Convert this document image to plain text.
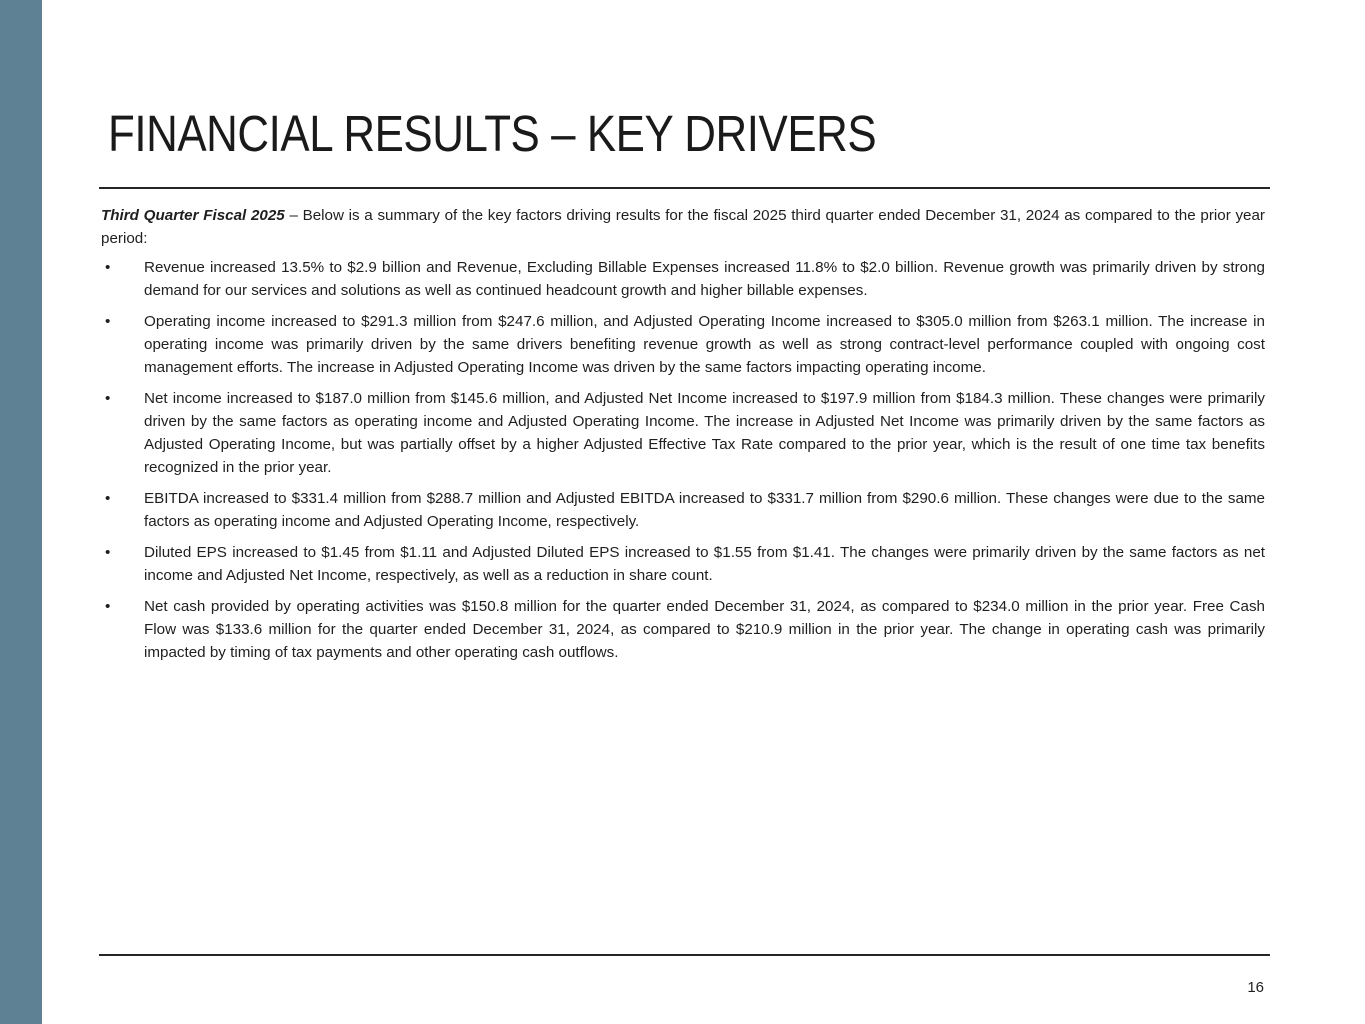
FINANCIAL RESULTS – KEY DRIVERS

Third Quarter Fiscal 2025 – Below is a summary of the key factors driving results for the fiscal 2025 third quarter ended December 31, 2024 as compared to the prior year period:

• Revenue increased 13.5% to $2.9 billion and Revenue, Excluding Billable Expenses increased 11.8% to $2.0 billion. Revenue growth was primarily driven by strong demand for our services and solutions as well as continued headcount growth and higher billable expenses.
• Operating income increased to $291.3 million from $247.6 million, and Adjusted Operating Income increased to $305.0 million from $263.1 million. The increase in operating income was primarily driven by the same drivers benefiting revenue growth as well as strong contract-level performance coupled with ongoing cost management efforts. The increase in Adjusted Operating Income was driven by the same factors impacting operating income.
• Net income increased to $187.0 million from $145.6 million, and Adjusted Net Income increased to $197.9 million from $184.3 million. These changes were primarily driven by the same factors as operating income and Adjusted Operating Income. The increase in Adjusted Net Income was primarily driven by the same factors as Adjusted Operating Income, but was partially offset by a higher Adjusted Effective Tax Rate compared to the prior year, which is the result of one time tax benefits recognized in the prior year.
• EBITDA increased to $331.4 million from $288.7 million and Adjusted EBITDA increased to $331.7 million from $290.6 million. These changes were due to the same factors as operating income and Adjusted Operating Income, respectively.
• Diluted EPS increased to $1.45 from $1.11 and Adjusted Diluted EPS increased to $1.55 from $1.41. The changes were primarily driven by the same factors as net income and Adjusted Net Income, respectively, as well as a reduction in share count.
• Net cash provided by operating activities was $150.8 million for the quarter ended December 31, 2024, as compared to $234.0 million in the prior year. Free Cash Flow was $133.6 million for the quarter ended December 31, 2024, as compared to $210.9 million in the prior year. The change in operating cash was primarily impacted by timing of tax payments and other operating cash outflows.
16
